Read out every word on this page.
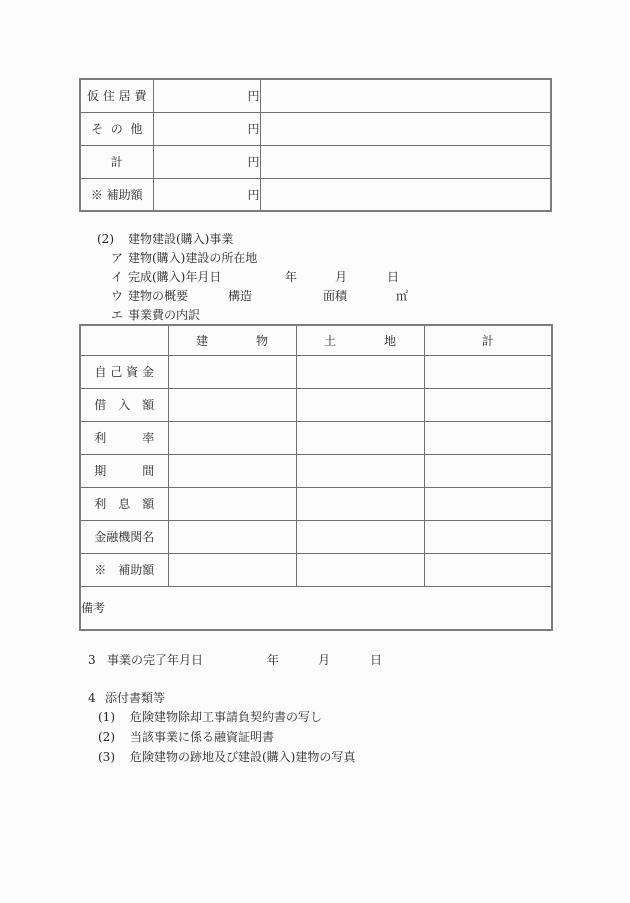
仮 住 居 費	円	
そ  の  他	円	
計	円	
※ 補助額	円	
(2) 建物建設(購入)事業
ア 建物(購入)建設の所在地
イ 完成(購入)年月日	年	月	日
ウ 建物の概要	構造	面積	㎡
エ 事業費の内訳
	建　　　　物	土　　　　地	計
自 己 資 金			
借　入　額			
利　　　率			
期　　　間			
利　息　額			
金融機関名			
※　補助額			
備考			
3 事業の完了年月日	年	月	日
4 添付書類等
(1) 危険建物除却工事請負契約書の写し
(2) 当該事業に係る融資証明書
(3) 危険建物の跡地及び建設(購入)建物の写真
